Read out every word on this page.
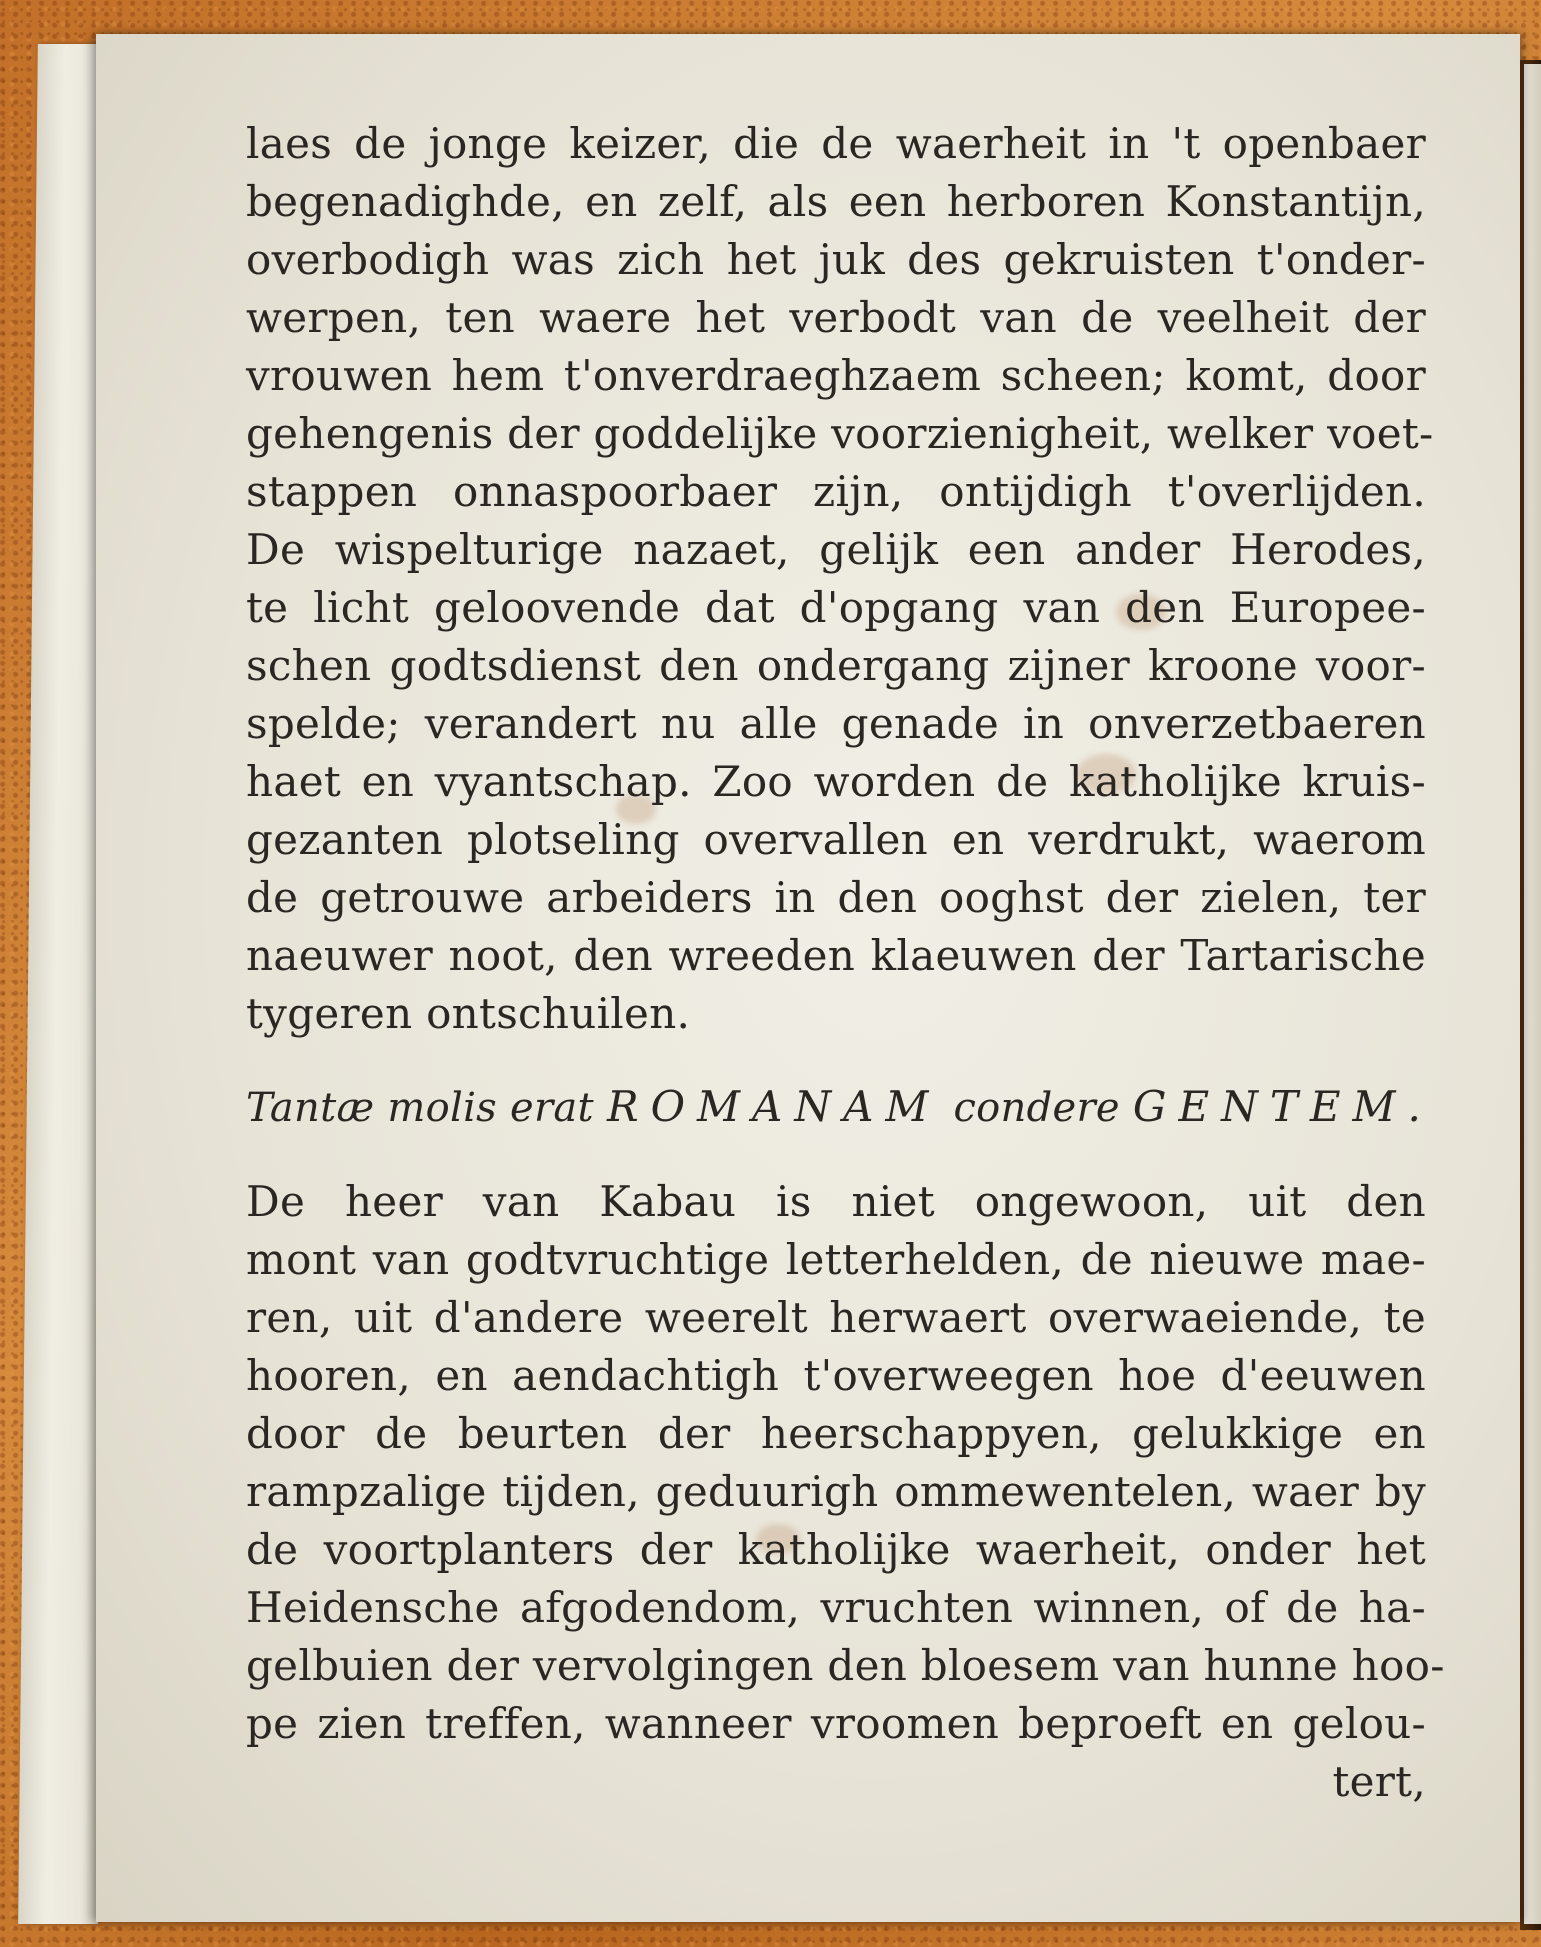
laes de jonge keizer, die de waerheit in 't openbaer
begenadighde, en zelf, als een herboren Konstantijn,
overbodigh was zich het juk des gekruisten t'onder-
werpen, ten waere het verbodt van de veelheit der
vrouwen hem t'onverdraeghzaem scheen; komt, door
gehengenis der goddelijke voorzienigheit, welker voet-
stappen onnaspoorbaer zijn, ontijdigh t'overlijden.
De wispelturige nazaet, gelijk een ander Herodes,
te licht geloovende dat d'opgang van den Europee-
schen godtsdienst den ondergang zijner kroone voor-
spelde; verandert nu alle genade in onverzetbaeren
haet en vyantschap. Zoo worden de katholijke kruis-
gezanten plotseling overvallen en verdrukt, waerom
de getrouwe arbeiders in den ooghst der zielen, ter
naeuwer noot, den wreeden klaeuwen der Tartarische
tygeren ontschuilen.
Tantæ molis erat ROMANAM condere GENTEM.
De heer van Kabau is niet ongewoon, uit den
mont van godtvruchtige letterhelden, de nieuwe mae-
ren, uit d'andere weerelt herwaert overwaeiende, te
hooren, en aendachtigh t'overweegen hoe d'eeuwen
door de beurten der heerschappyen, gelukkige en
rampzalige tijden, geduurigh ommewentelen, waer by
de voortplanters der katholijke waerheit, onder het
Heidensche afgodendom, vruchten winnen, of de ha-
gelbuien der vervolgingen den bloesem van hunne hoo-
pe zien treffen, wanneer vroomen beproeft en gelou-
tert,
